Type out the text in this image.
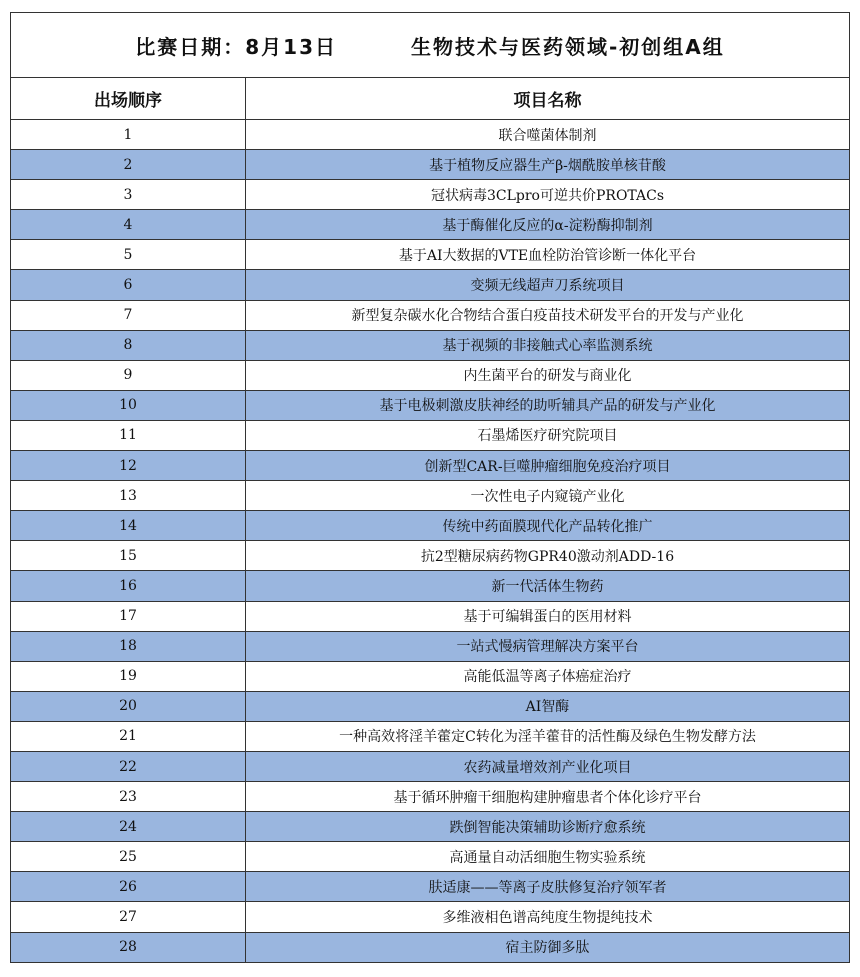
比赛日期：8月13日 生物技术与医药领域-初创组A组	

出场顺序	项目名称
1	联合噬菌体制剂
2	基于植物反应器生产β-烟酰胺单核苷酸
3	冠状病毒3CLpro可逆共价PROTACs
4	基于酶催化反应的α-淀粉酶抑制剂
5	基于AI大数据的VTE血栓防治管诊断一体化平台
6	变频无线超声刀系统项目
7	新型复杂碳水化合物结合蛋白疫苗技术研发平台的开发与产业化
8	基于视频的非接触式心率监测系统
9	内生菌平台的研发与商业化
10	基于电极刺激皮肤神经的助听辅具产品的研发与产业化
11	石墨烯医疗研究院项目
12	创新型CAR-巨噬肿瘤细胞免疫治疗项目
13	一次性电子内窥镜产业化
14	传统中药面膜现代化产品转化推广
15	抗2型糖尿病药物GPR40激动剂ADD-16
16	新一代活体生物药
17	基于可编辑蛋白的医用材料
18	一站式慢病管理解决方案平台
19	高能低温等离子体癌症治疗
20	AI智酶
21	一种高效将淫羊藿定C转化为淫羊藿苷的活性酶及绿色生物发酵方法
22	农药减量增效剂产业化项目
23	基于循环肿瘤干细胞构建肿瘤患者个体化诊疗平台
24	跌倒智能决策辅助诊断疗愈系统
25	高通量自动活细胞生物实验系统
26	肤适康——等离子皮肤修复治疗领军者
27	多维液相色谱高纯度生物提纯技术
28	宿主防御多肽
